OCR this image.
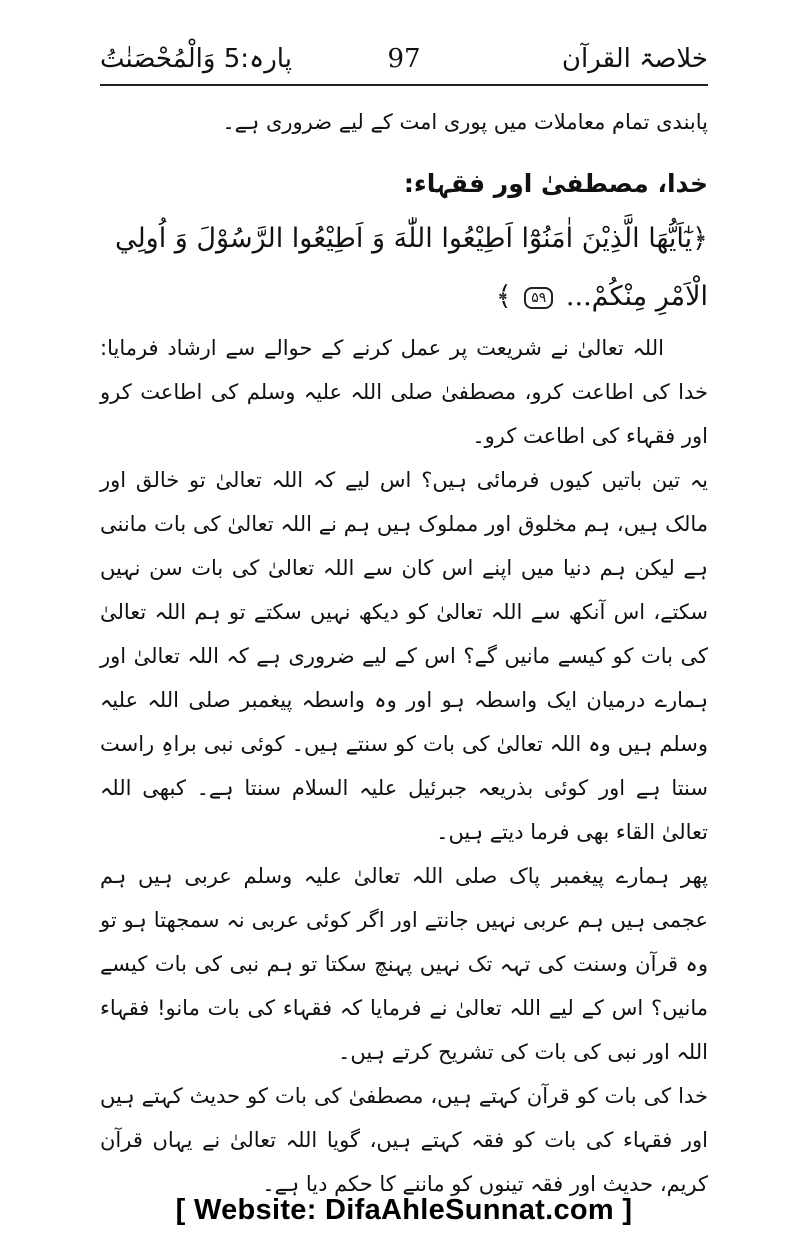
خلاصۃ القرآن
97
پارہ:5 وَالْمُحْصَنٰتُ

پابندی تمام معاملات میں پوری امت کے لیے ضروری ہے۔

خدا، مصطفیٰ اور فقہاء:

﴿يٰٓاَيُّهَا الَّذِيْنَ اٰمَنُوْٓا اَطِيْعُوا اللّٰهَ وَ اَطِيْعُوا الرَّسُوْلَ وَ اُولِي الْاَمْرِ مِنْكُمْ... ۵۹ ﴾

اللہ تعالیٰ نے شریعت پر عمل کرنے کے حوالے سے ارشاد فرمایا: خدا کی اطاعت کرو، مصطفیٰ صلی اللہ علیہ وسلم کی اطاعت کرو اور فقہاء کی اطاعت کرو۔

یہ تین باتیں کیوں فرمائی ہیں؟ اس لیے کہ اللہ تعالیٰ تو خالق اور مالک ہیں، ہم مخلوق اور مملوک ہیں ہم نے اللہ تعالیٰ کی بات ماننی ہے لیکن ہم دنیا میں اپنے اس کان سے اللہ تعالیٰ کی بات سن نہیں سکتے، اس آنکھ سے اللہ تعالیٰ کو دیکھ نہیں سکتے تو ہم اللہ تعالیٰ کی بات کو کیسے مانیں گے؟ اس کے لیے ضروری ہے کہ اللہ تعالیٰ اور ہمارے درمیان ایک واسطہ ہو اور وہ واسطہ پیغمبر صلی اللہ علیہ وسلم ہیں وہ اللہ تعالیٰ کی بات کو سنتے ہیں۔ کوئی نبی براہِ راست سنتا ہے اور کوئی بذریعہ جبرئیل علیہ السلام سنتا ہے۔ کبھی اللہ تعالیٰ القاء بھی فرما دیتے ہیں۔

پھر ہمارے پیغمبر پاک صلی اللہ تعالیٰ علیہ وسلم عربی ہیں ہم عجمی ہیں ہم عربی نہیں جانتے اور اگر کوئی عربی نہ سمجھتا ہو تو وہ قرآن وسنت کی تہہ تک نہیں پہنچ سکتا تو ہم نبی کی بات کیسے مانیں؟ اس کے لیے اللہ تعالیٰ نے فرمایا کہ فقہاء کی بات مانو! فقہاء اللہ اور نبی کی بات کی تشریح کرتے ہیں۔

خدا کی بات کو قرآن کہتے ہیں، مصطفیٰ کی بات کو حدیث کہتے ہیں اور فقہاء کی بات کو فقہ کہتے ہیں، گویا اللہ تعالیٰ نے یہاں قرآن کریم، حدیث اور فقہ تینوں کو ماننے کا حکم دیا ہے۔

[ Website: DifaAhleSunnat.com ]
